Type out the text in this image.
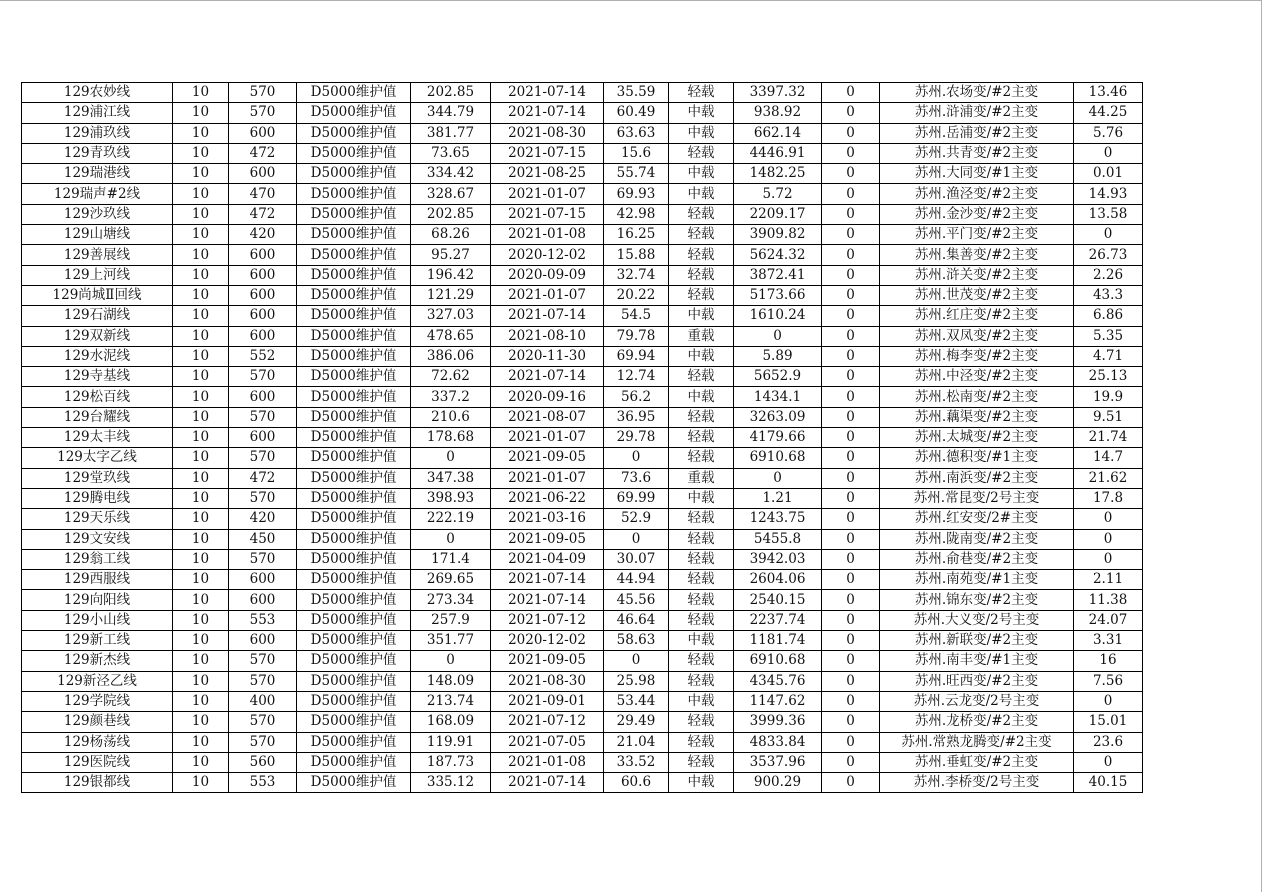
129农妙线	10	570	D5000维护值	202.85	2021-07-14	35.59	轻载	3397.32	0	苏州.农场变/#2主变	13.46
129浦江线	10	570	D5000维护值	344.79	2021-07-14	60.49	中载	938.92	0	苏州.浒浦变/#2主变	44.25
129浦玖线	10	600	D5000维护值	381.77	2021-08-30	63.63	中载	662.14	0	苏州.岳浦变/#2主变	5.76
129青玖线	10	472	D5000维护值	73.65	2021-07-15	15.6	轻载	4446.91	0	苏州.共青变/#2主变	0
129瑞港线	10	600	D5000维护值	334.42	2021-08-25	55.74	中载	1482.25	0	苏州.大同变/#1主变	0.01
129瑞声#2线	10	470	D5000维护值	328.67	2021-01-07	69.93	中载	5.72	0	苏州.渔泾变/#2主变	14.93
129沙玖线	10	472	D5000维护值	202.85	2021-07-15	42.98	轻载	2209.17	0	苏州.金沙变/#2主变	13.58
129山塘线	10	420	D5000维护值	68.26	2021-01-08	16.25	轻载	3909.82	0	苏州.平门变/#2主变	0
129善展线	10	600	D5000维护值	95.27	2020-12-02	15.88	轻载	5624.32	0	苏州.集善变/#2主变	26.73
129上河线	10	600	D5000维护值	196.42	2020-09-09	32.74	轻载	3872.41	0	苏州.浒关变/#2主变	2.26
129尚城Ⅱ回线	10	600	D5000维护值	121.29	2021-01-07	20.22	轻载	5173.66	0	苏州.世茂变/#2主变	43.3
129石湖线	10	600	D5000维护值	327.03	2021-07-14	54.5	中载	1610.24	0	苏州.红庄变/#2主变	6.86
129双新线	10	600	D5000维护值	478.65	2021-08-10	79.78	重载	0	0	苏州.双凤变/#2主变	5.35
129水泥线	10	552	D5000维护值	386.06	2020-11-30	69.94	中载	5.89	0	苏州.梅李变/#2主变	4.71
129寺基线	10	570	D5000维护值	72.62	2021-07-14	12.74	轻载	5652.9	0	苏州.中泾变/#2主变	25.13
129松百线	10	600	D5000维护值	337.2	2020-09-16	56.2	中载	1434.1	0	苏州.松南变/#2主变	19.9
129台耀线	10	570	D5000维护值	210.6	2021-08-07	36.95	轻载	3263.09	0	苏州.藕渠变/#2主变	9.51
129太丰线	10	600	D5000维护值	178.68	2021-01-07	29.78	轻载	4179.66	0	苏州.太城变/#2主变	21.74
129太字乙线	10	570	D5000维护值	0	2021-09-05	0	轻载	6910.68	0	苏州.德积变/#1主变	14.7
129堂玖线	10	472	D5000维护值	347.38	2021-01-07	73.6	重载	0	0	苏州.南浜变/#2主变	21.62
129腾电线	10	570	D5000维护值	398.93	2021-06-22	69.99	中载	1.21	0	苏州.常昆变/2号主变	17.8
129天乐线	10	420	D5000维护值	222.19	2021-03-16	52.9	轻载	1243.75	0	苏州.红安变/2#主变	0
129文安线	10	450	D5000维护值	0	2021-09-05	0	轻载	5455.8	0	苏州.陇南变/#2主变	0
129翁工线	10	570	D5000维护值	171.4	2021-04-09	30.07	轻载	3942.03	0	苏州.俞巷变/#2主变	0
129西服线	10	600	D5000维护值	269.65	2021-07-14	44.94	轻载	2604.06	0	苏州.南苑变/#1主变	2.11
129向阳线	10	600	D5000维护值	273.34	2021-07-14	45.56	轻载	2540.15	0	苏州.锦东变/#2主变	11.38
129小山线	10	553	D5000维护值	257.9	2021-07-12	46.64	轻载	2237.74	0	苏州.大义变/2号主变	24.07
129新工线	10	600	D5000维护值	351.77	2020-12-02	58.63	中载	1181.74	0	苏州.新联变/#2主变	3.31
129新杰线	10	570	D5000维护值	0	2021-09-05	0	轻载	6910.68	0	苏州.南丰变/#1主变	16
129新泾乙线	10	570	D5000维护值	148.09	2021-08-30	25.98	轻载	4345.76	0	苏州.旺西变/#2主变	7.56
129学院线	10	400	D5000维护值	213.74	2021-09-01	53.44	中载	1147.62	0	苏州.云龙变/2号主变	0
129颜巷线	10	570	D5000维护值	168.09	2021-07-12	29.49	轻载	3999.36	0	苏州.龙桥变/#2主变	15.01
129杨荡线	10	570	D5000维护值	119.91	2021-07-05	21.04	轻载	4833.84	0	苏州.常熟龙腾变/#2主变	23.6
129医院线	10	560	D5000维护值	187.73	2021-01-08	33.52	轻载	3537.96	0	苏州.垂虹变/#2主变	0
129银都线	10	553	D5000维护值	335.12	2021-07-14	60.6	中载	900.29	0	苏州.李桥变/2号主变	40.15
